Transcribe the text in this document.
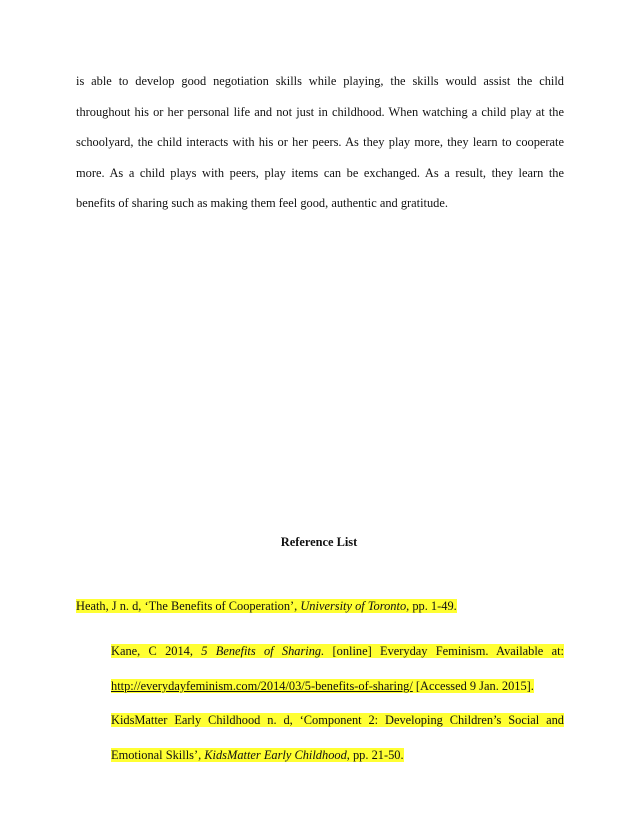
is able to develop good negotiation skills while playing, the skills would assist the child
throughout his or her personal life and not just in childhood. When watching a child play at the
schoolyard, the child interacts with his or her peers. As they play more, they learn to cooperate
more. As a child plays with peers, play items can be exchanged. As a result, they learn the
benefits of sharing such as making them feel good, authentic and gratitude.
Reference List
Heath, J n. d, ‘The Benefits of Cooperation’, University of Toronto, pp. 1-49.
Kane, C 2014, 5 Benefits of Sharing. [online] Everyday Feminism. Available at:
http://everydayfeminism.com/2014/03/5-benefits-of-sharing/ [Accessed 9 Jan. 2015].
KidsMatter Early Childhood n. d, ‘Component 2: Developing Children’s Social and
Emotional Skills’, KidsMatter Early Childhood, pp. 21-50.
